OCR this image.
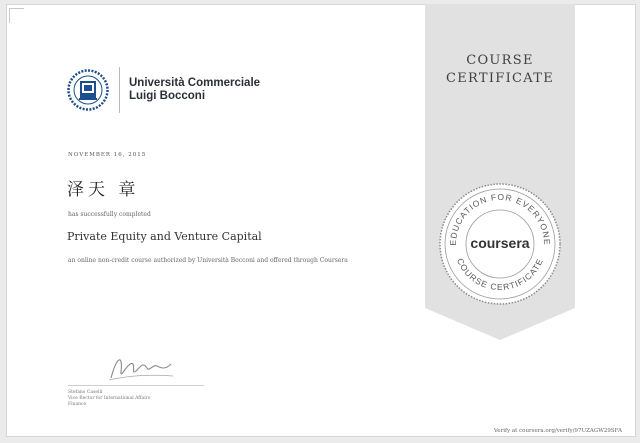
Università Commerciale
Luigi Bocconi
NOVEMBER 16, 2015
泽天 章
has successfully completed
Private Equity and Venture Capital
an online non-credit course authorized by Università Bocconi and offered through Coursera
Stefano Caselli
Vice Rector for International Affairs
Finance
COURSE
CERTIFICATE
EDUCATION FOR EVERYONE
COURSE CERTIFICATE
coursera
Verify at coursera.org/verify/97UZAGW29SFA
